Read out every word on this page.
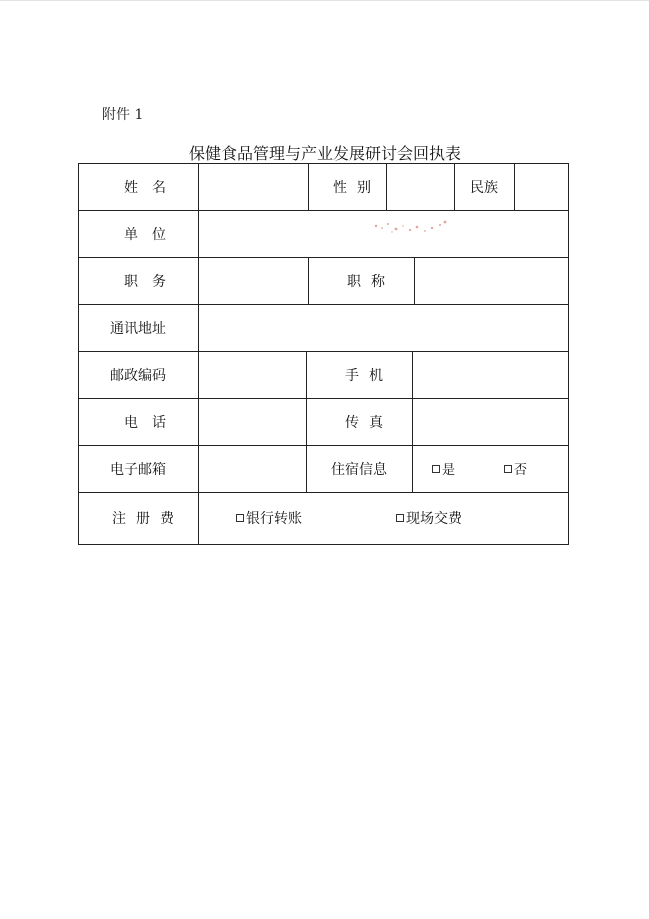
附件 1
保健食品管理与产业发展研讨会回执表
姓名	性别	民族
单位
职务	职称
通讯地址
邮政编码	手机
电话	传真
电子邮箱	住宿信息	是	否
注册费	银行转账	现场交费
